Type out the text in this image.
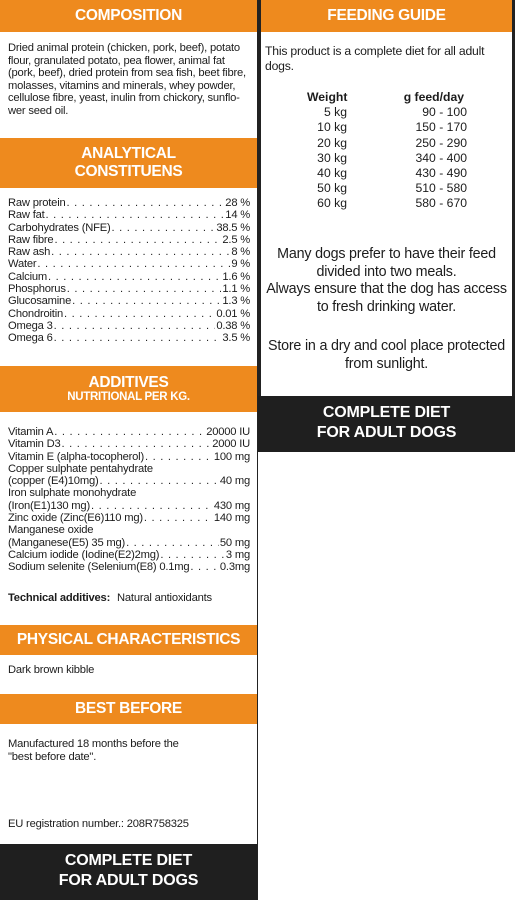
COMPOSITION
Dried animal protein (chicken, pork, beef), potato flour, granulated potato, pea flower, animal fat (pork, beef), dried protein from sea fish, beet fibre, molasses, vitamins and minerals, whey powder, cellulose fibre, yeast, inulin from chickory, sunflo-wer seed oil.
ANALYTICAL
CONSTITUENS
Raw protein . . .	28 %
Raw fat . . .	14 %
Carbohydrates (NFE) . . .	38.5 %
Raw fibre . . .	2.5 %
Raw ash . . .	8 %
Water . . .	9 %
Calcium . . .	1.6 %
Phosphorus . . .	1.1 %
Glucosamine . . .	1.3 %
Chondroitin . . .	0.01 %
Omega 3 . . .	0.38 %
Omega 6 . . .	3.5 %
ADDITIVES
NUTRITIONAL PER KG.
Vitamin A . . .	20000 IU
Vitamin D3 . . .	2000 IU
Vitamin E (alpha-tocopherol) . . .	100 mg
Copper sulphate pentahydrate
(copper (E4)10mg) . . .	40 mg
Iron sulphate monohydrate
(Iron(E1)130 mg) . . .	430 mg
Zinc oxide (Zinc(E6)110 mg) . . .	140 mg
Manganese oxide
(Manganese(E5) 35 mg) . . .	50 mg
Calcium iodide (Iodine(E2)2mg) . . .	3 mg
Sodium selenite (Selenium(E8) 0.1mg . . .	0.3mg
Technical additives: Natural antioxidants
PHYSICAL CHARACTERISTICS
Dark brown kibble
BEST BEFORE
Manufactured 18 months before the
"best before date".
EU registration number.: 208R758325
COMPLETE DIET
FOR ADULT DOGS
FEEDING GUIDE
This product is a complete diet for all adult dogs.
Weight	g feed/day
5 kg	90 - 100
10 kg	150 - 170
20 kg	250 - 290
30 kg	340 - 400
40 kg	430 - 490
50 kg	510 - 580
60 kg	580 - 670
Many dogs prefer to have their feed
divided into two meals.
Always ensure that the dog has access
to fresh drinking water.
Store in a dry and cool place protected
from sunlight.
COMPLETE DIET
FOR ADULT DOGS
